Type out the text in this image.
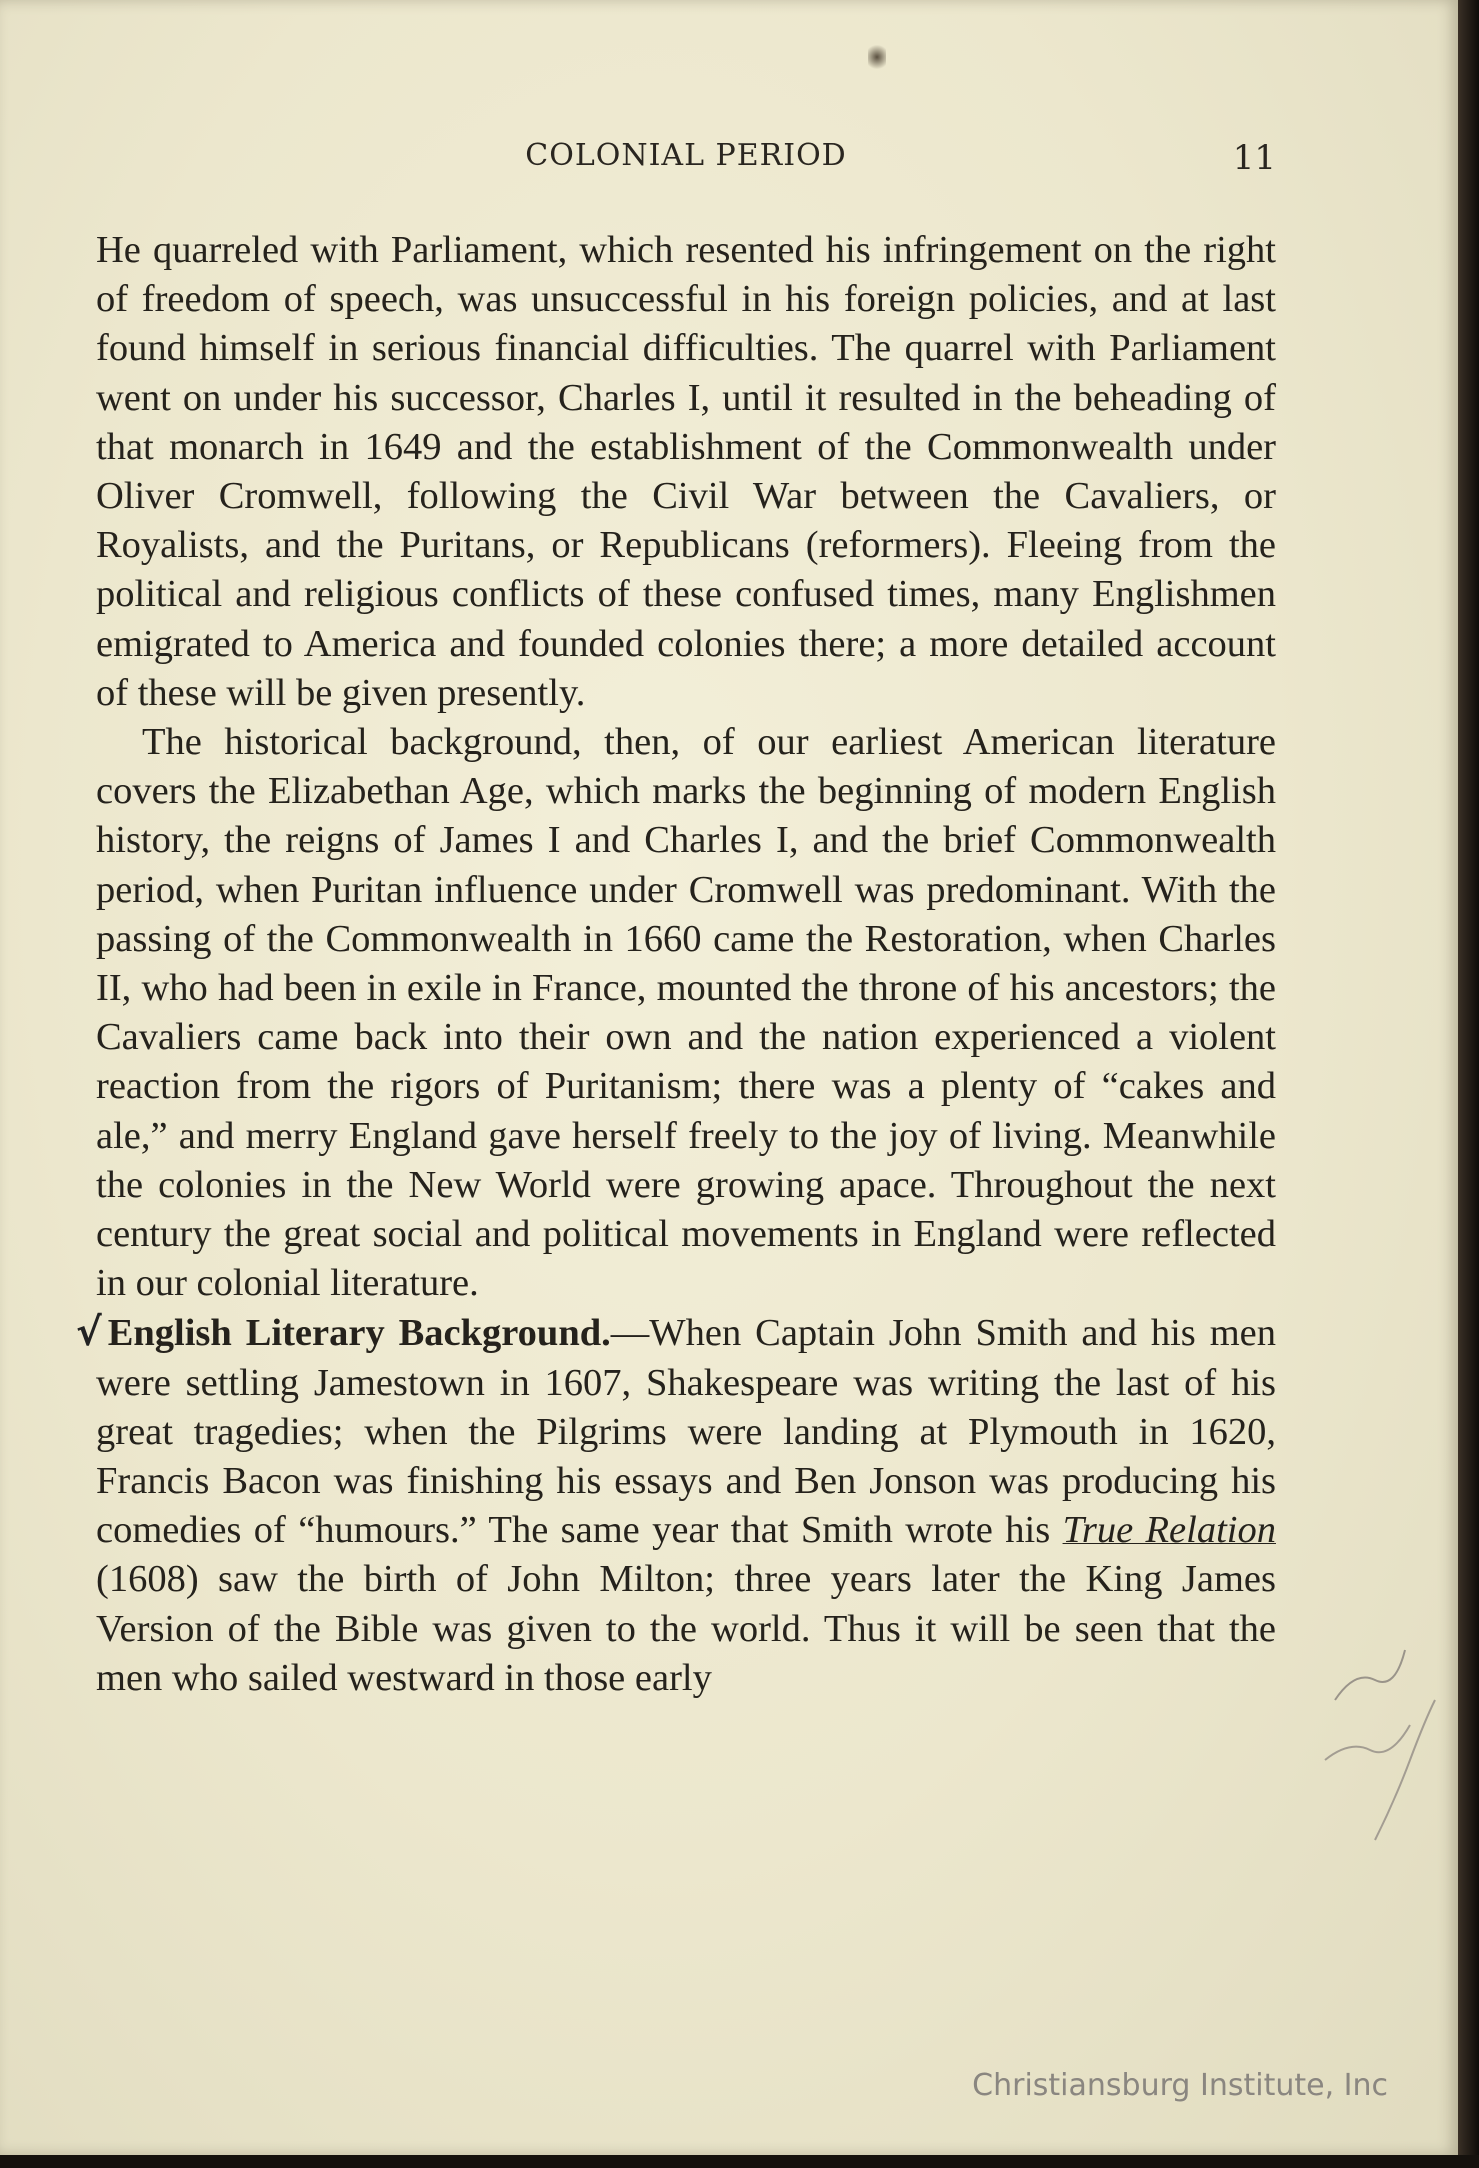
COLONIAL PERIOD	11

He quarreled with Parliament, which resented his infringement on the right of freedom of speech, was unsuccessful in his foreign policies, and at last found himself in serious financial difficulties. The quarrel with Parliament went on under his successor, Charles I, until it resulted in the beheading of that monarch in 1649 and the establishment of the Commonwealth under Oliver Cromwell, following the Civil War between the Cavaliers, or Royalists, and the Puritans, or Republicans (reformers). Fleeing from the political and religious conflicts of these confused times, many Englishmen emigrated to America and founded colonies there; a more detailed account of these will be given presently.

The historical background, then, of our earliest American literature covers the Elizabethan Age, which marks the beginning of modern English history, the reigns of James I and Charles I, and the brief Commonwealth period, when Puritan influence under Cromwell was predominant. With the passing of the Commonwealth in 1660 came the Restoration, when Charles II, who had been in exile in France, mounted the throne of his ancestors; the Cavaliers came back into their own and the nation experienced a violent reaction from the rigors of Puritanism; there was a plenty of “cakes and ale,” and merry England gave herself freely to the joy of living. Meanwhile the colonies in the New World were growing apace. Throughout the next century the great social and political movements in England were reflected in our colonial literature.

√ English Literary Background.—When Captain John Smith and his men were settling Jamestown in 1607, Shakespeare was writing the last of his great tragedies; when the Pilgrims were landing at Plymouth in 1620, Francis Bacon was finishing his essays and Ben Jonson was producing his comedies of “humours.” The same year that Smith wrote his True Relation (1608) saw the birth of John Milton; three years later the King James Version of the Bible was given to the world. Thus it will be seen that the men who sailed westward in those early

Christiansburg Institute, Inc
